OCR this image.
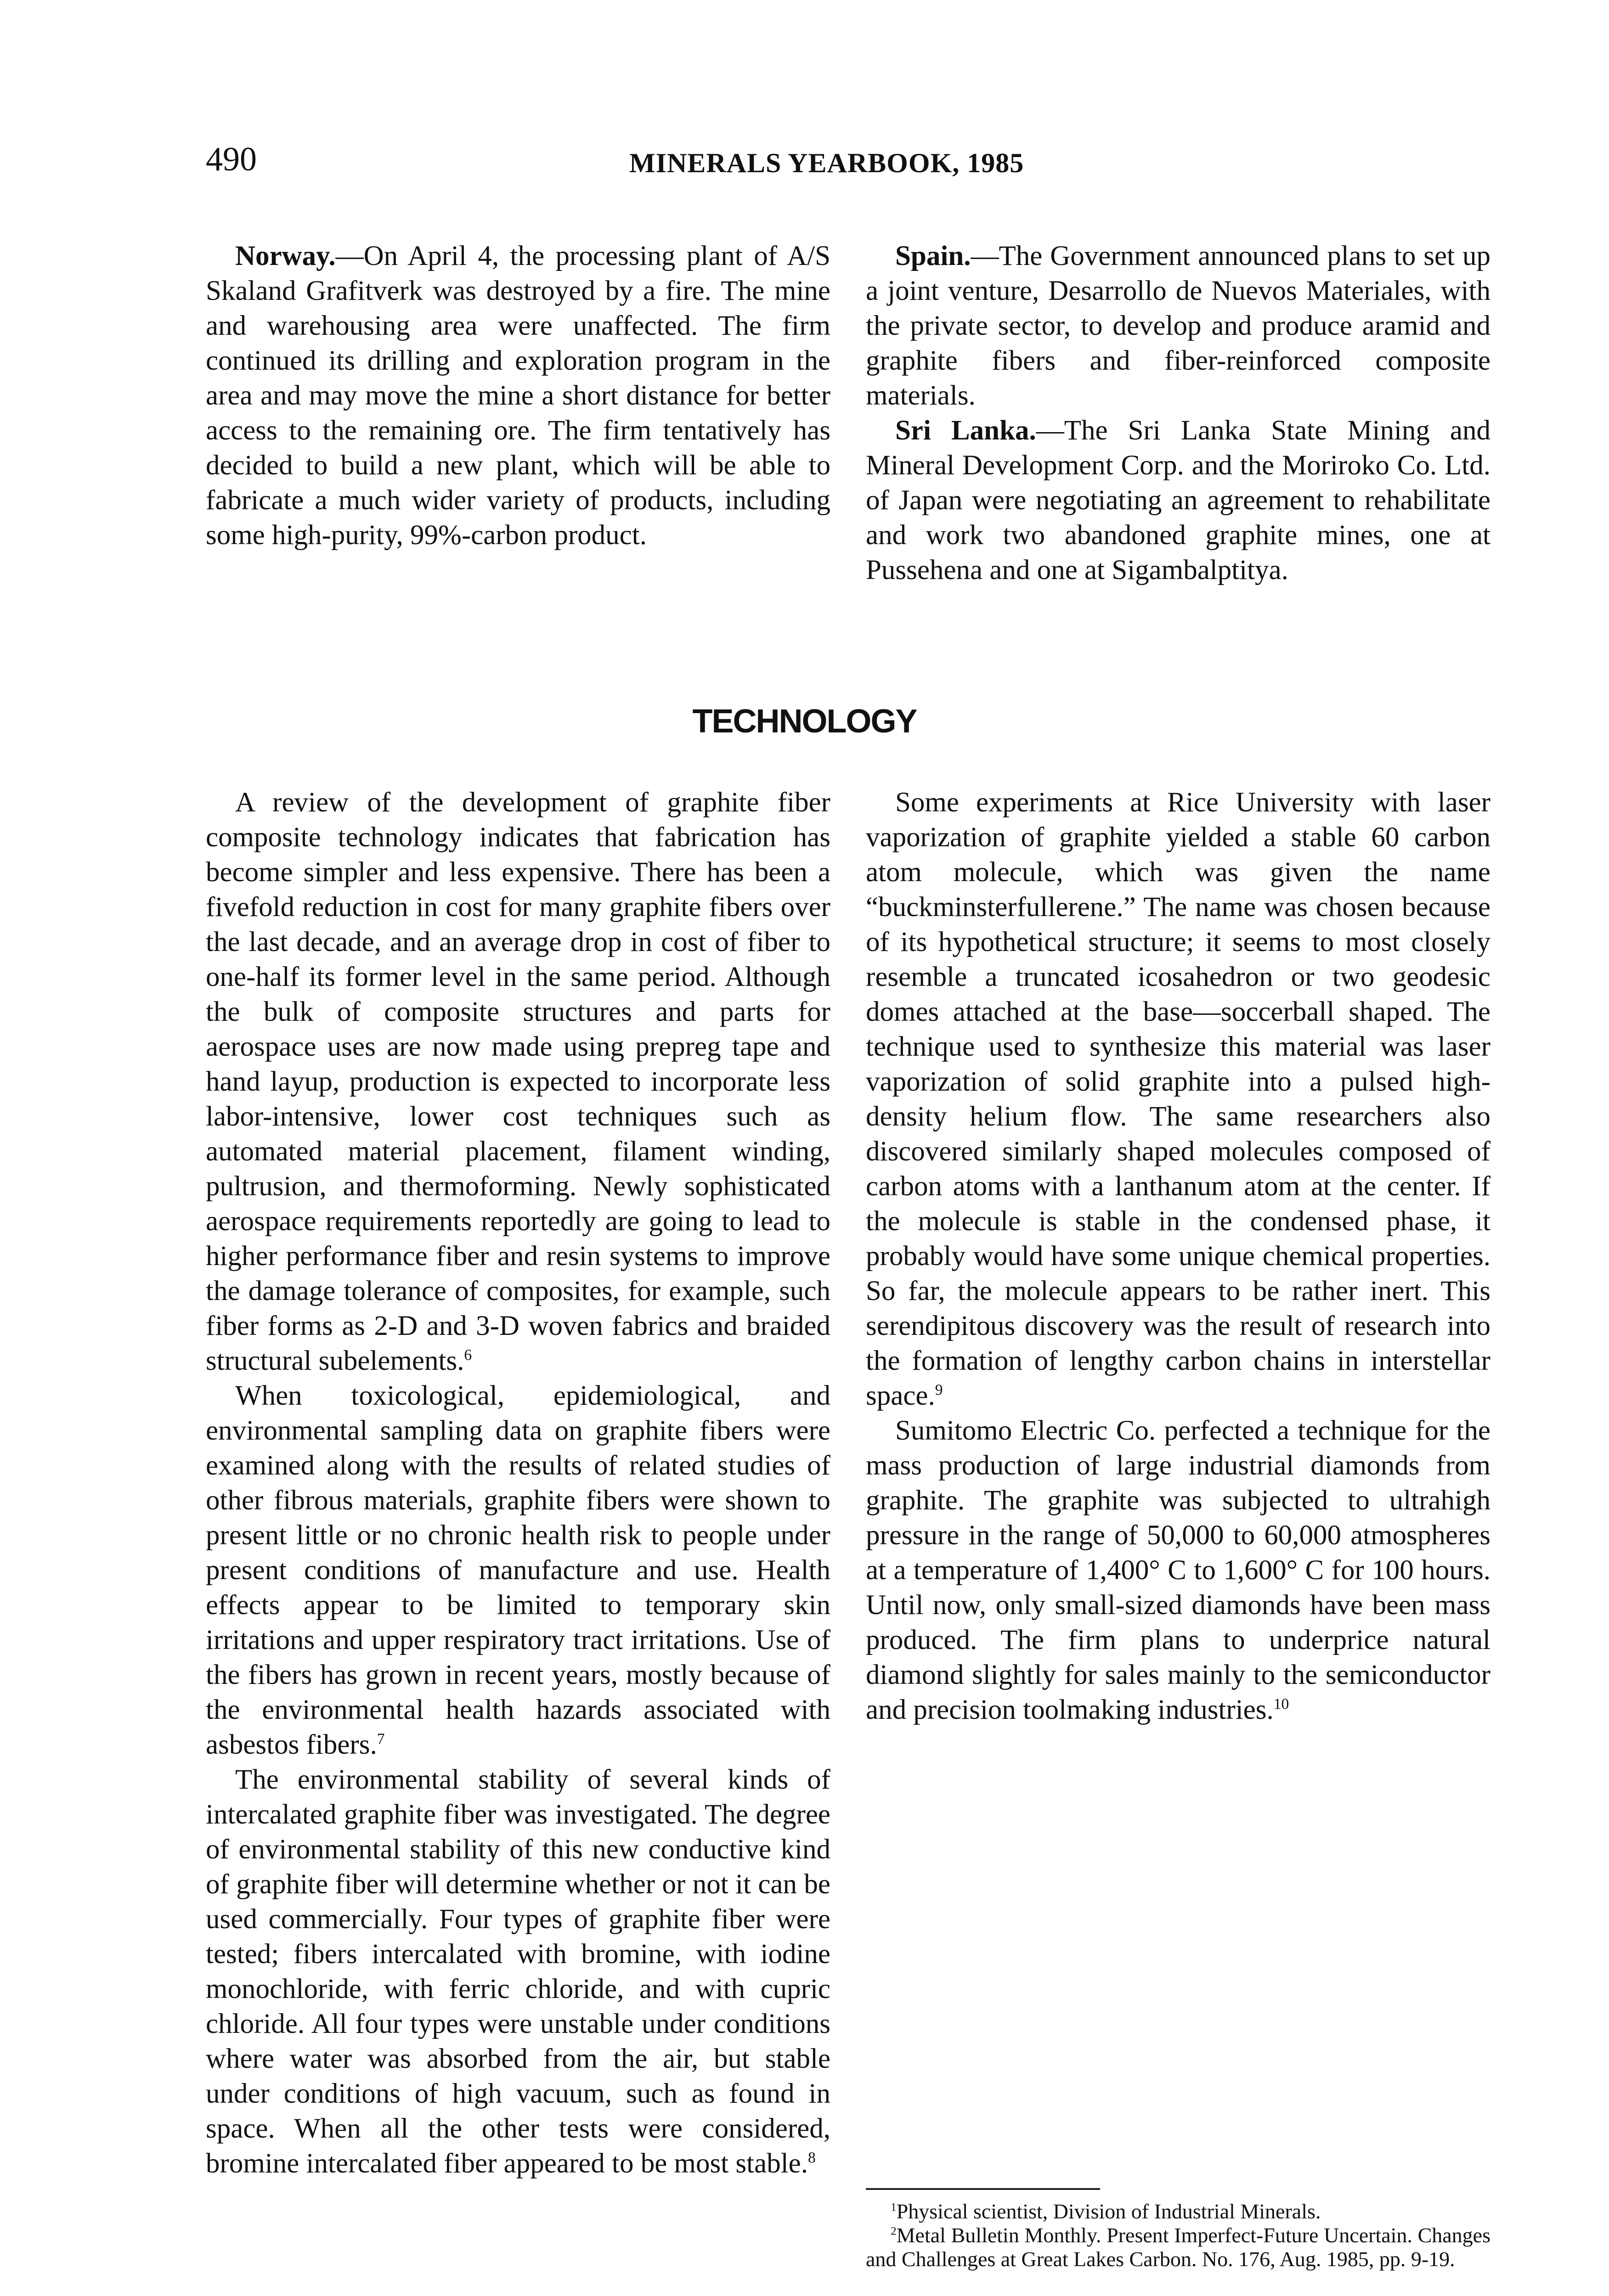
490	MINERALS YEARBOOK, 1985

Norway.—On April 4, the processing plant of A/S Skaland Grafitverk was destroyed by a fire. The mine and warehousing area were unaffected. The firm continued its drilling and exploration program in the area and may move the mine a short distance for better access to the remaining ore. The firm tentatively has decided to build a new plant, which will be able to fabricate a much wider variety of products, including some high-purity, 99%-carbon product.

Spain.—The Government announced plans to set up a joint venture, Desarrollo de Nuevos Materiales, with the private sector, to develop and produce aramid and graphite fibers and fiber-reinforced composite materials.

Sri Lanka.—The Sri Lanka State Mining and Mineral Development Corp. and the Moriroko Co. Ltd. of Japan were negotiating an agreement to rehabilitate and work two abandoned graphite mines, one at Pussehena and one at Sigambalptitya.

TECHNOLOGY

A review of the development of graphite fiber composite technology indicates that fabrication has become simpler and less expensive. There has been a fivefold reduction in cost for many graphite fibers over the last decade, and an average drop in cost of fiber to one-half its former level in the same period. Although the bulk of composite structures and parts for aerospace uses are now made using prepreg tape and hand layup, production is expected to incorporate less labor-intensive, lower cost techniques such as automated material placement, filament winding, pultrusion, and thermoforming. Newly sophisticated aerospace requirements reportedly are going to lead to higher performance fiber and resin systems to improve the damage tolerance of composites, for example, such fiber forms as 2-D and 3-D woven fabrics and braided structural subelements.$^6$

When toxicological, epidemiological, and environmental sampling data on graphite fibers were examined along with the results of related studies of other fibrous materials, graphite fibers were shown to present little or no chronic health risk to people under present conditions of manufacture and use. Health effects appear to be limited to temporary skin irritations and upper respiratory tract irritations. Use of the fibers has grown in recent years, mostly because of the environmental health hazards associated with asbestos fibers.$^7$

The environmental stability of several kinds of intercalated graphite fiber was investigated. The degree of environmental stability of this new conductive kind of graphite fiber will determine whether or not it can be used commercially. Four types of graphite fiber were tested; fibers intercalated with bromine, with iodine monochloride, with ferric chloride, and with cupric chloride. All four types were unstable under conditions where water was absorbed from the air, but stable under conditions of high vacuum, such as found in space. When all the other tests were considered, bromine intercalated fiber appeared to be most stable.$^8$

Some experiments at Rice University with laser vaporization of graphite yielded a stable 60 carbon atom molecule, which was given the name “buckminsterfullerene.” The name was chosen because of its hypothetical structure; it seems to most closely resemble a truncated icosahedron or two geodesic domes attached at the base—soccerball shaped. The technique used to synthesize this material was laser vaporization of solid graphite into a pulsed high-density helium flow. The same researchers also discovered similarly shaped molecules composed of carbon atoms with a lanthanum atom at the center. If the molecule is stable in the condensed phase, it probably would have some unique chemical properties. So far, the molecule appears to be rather inert. This serendipitous discovery was the result of research into the formation of lengthy carbon chains in interstellar space.$^9$

Sumitomo Electric Co. perfected a technique for the mass production of large industrial diamonds from graphite. The graphite was subjected to ultrahigh pressure in the range of 50,000 to 60,000 atmospheres at a temperature of 1,400° C to 1,600° C for 100 hours. Until now, only small-sized diamonds have been mass produced. The firm plans to underprice natural diamond slightly for sales mainly to the semiconductor and precision toolmaking industries.$^{10}$

$^1$Physical scientist, Division of Industrial Minerals.

$^2$Metal Bulletin Monthly. Present Imperfect-Future Uncertain. Changes and Challenges at Great Lakes Carbon. No. 176, Aug. 1985, pp. 9-19.
